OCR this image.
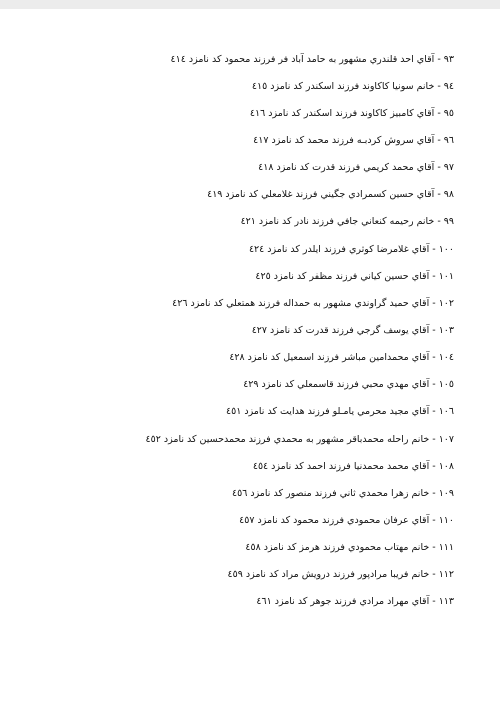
۹۳ - آقاي احد قلندري مشهور به حامد آباد فر فرزند محمود كد نامزد ٤١٤
۹٤ - خانم سونيا كاكاوند فرزند اسكندر كد نامزد ٤١٥
۹٥ - آقاي كامبيز كاكاوند فرزند اسكندر كد نامزد ٤١٦
۹٦ - آقاي سروش كردبـه فرزند محمد كد نامزد ٤١٧
۹۷ - آقاي محمد كريمي فرزند قدرت كد نامزد ٤١٨
۹۸ - آقاي حسين كسمرادي جگيني فرزند غلامعلي كد نامزد ٤١٩
۹۹ - خانم رحيمه كنعاني جافي فرزند نادر كد نامزد ٤٢١
۱۰۰ - آقاي غلامرضا كوثري فرزند ايلدر كد نامزد ٤٢٤
۱۰۱ - آقاي حسين كياني فرزند مظفر كد نامزد ٤٢٥
۱۰۲ - آقاي حميد گراوندي مشهور به حمداله فرزند همتعلي كد نامزد ٤٢٦
۱۰۳ - آقاي يوسف گرجي فرزند قدرت كد نامزد ٤٢٧
۱۰٤ - آقاي محمدامين مباشر فرزند اسمعيل كد نامزد ٤٢٨
۱۰٥ - آقاي مهدي محبي فرزند قاسمعلي كد نامزد ٤٢٩
۱۰٦ - آقاي مجيد محرمي يامـلو فرزند هدايت كد نامزد ٤٥١
۱۰۷ - خانم راحله محمدباقر مشهور به محمدي فرزند محمدحسين كد نامزد ٤٥٢
۱۰۸ - آقاي محمد محمدنيا فرزند احمد كد نامزد ٤٥٤
۱۰۹ - خانم زهرا محمدي ثاني فرزند منصور كد نامزد ٤٥٦
۱۱۰ - آقاي عرفان محمودي فرزند محمود كد نامزد ٤٥۷
۱۱۱ - خانم مهتاب محمودي فرزند هرمز كد نامزد ٤٥۸
۱۱۲ - خانم فريبا مرادپور فرزند درويش مراد كد نامزد ٤٥۹
۱۱۳ - آقاي مهراد مرادي فرزند جوهر كد نامزد ٤٦١
